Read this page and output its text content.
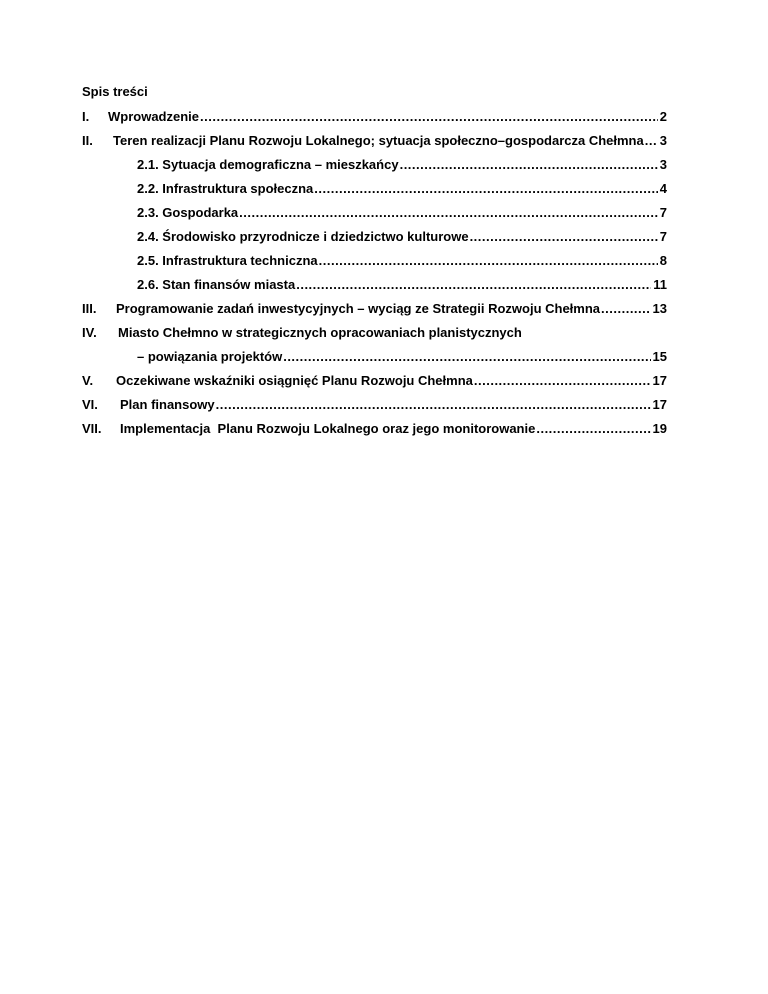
Spis treści
I.	Wprowadzenie .....	2
II.	Teren realizacji Planu Rozwoju Lokalnego; sytuacja społeczno–gospodarcza Chełmna ..... 3
2.1. Sytuacja demograficzna – mieszkańcy .....	3
2.2. Infrastruktura społeczna .....	4
2.3. Gospodarka .....	7
2.4. Środowisko przyrodnicze i dziedzictwo kulturowe .....	7
2.5. Infrastruktura techniczna .....	8
2.6. Stan finansów miasta .....	11
III.	Programowanie zadań inwestycyjnych – wyciąg ze Strategii Rozwoju Chełmna .....	13
IV. Miasto Chełmno w strategicznych opracowaniach planistycznych
– powiązania projektów .....	15
V.	Oczekiwane wskaźniki osiągnięć Planu Rozwoju Chełmna .....	17
VI.	Plan finansowy .....	17
VII.	Implementacja  Planu Rozwoju Lokalnego oraz jego monitorowanie .....	19
